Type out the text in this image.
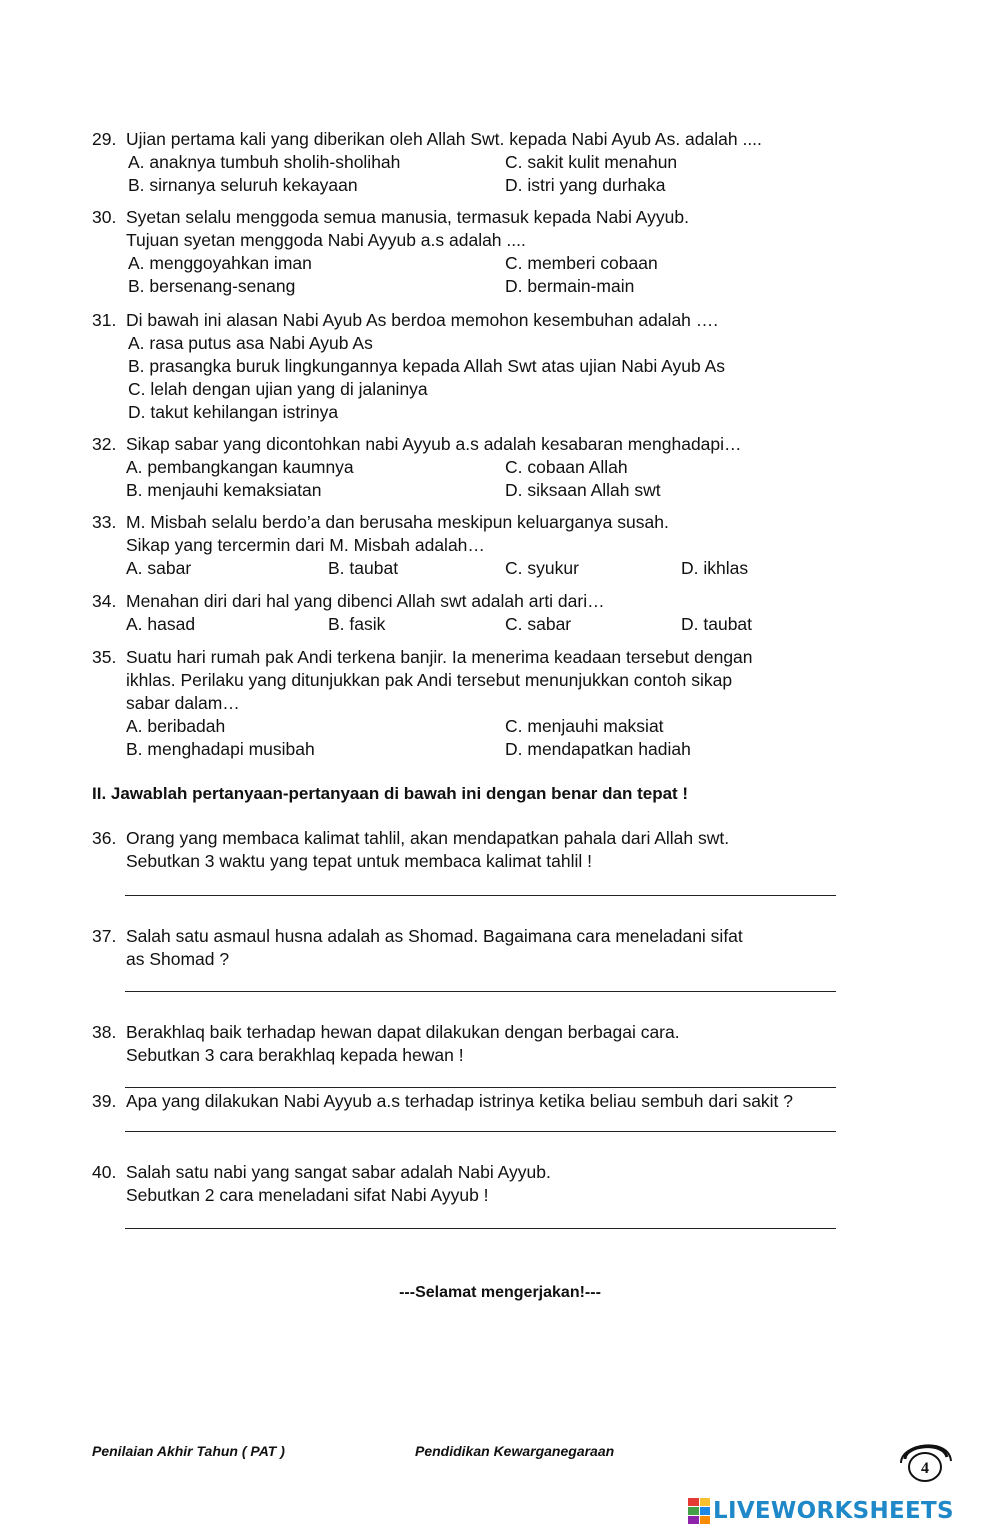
29. Ujian pertama kali yang diberikan oleh Allah Swt. kepada Nabi Ayub As. adalah ....
A. anaknya tumbuh sholih-sholihah	C. sakit kulit menahun
B. sirnanya seluruh kekayaan	D. istri yang durhaka
30. Syetan selalu menggoda semua manusia, termasuk kepada Nabi Ayyub.
Tujuan syetan menggoda Nabi Ayyub a.s adalah ....
A. menggoyahkan iman	C. memberi cobaan
B. bersenang-senang	D. bermain-main
31. Di bawah ini alasan Nabi Ayub As berdoa memohon kesembuhan adalah ….
A. rasa putus asa Nabi Ayub As
B. prasangka buruk lingkungannya kepada Allah Swt atas ujian Nabi Ayub As
C. lelah dengan ujian yang di jalaninya
D. takut kehilangan istrinya
32. Sikap sabar yang dicontohkan nabi Ayyub a.s adalah kesabaran menghadapi…
A. pembangkangan kaumnya	C. cobaan Allah
B. menjauhi kemaksiatan	D. siksaan Allah swt
33. M. Misbah selalu berdo’a dan berusaha meskipun keluarganya susah.
Sikap yang tercermin dari M. Misbah adalah…
A. sabar	B. taubat	C. syukur	D. ikhlas
34. Menahan diri dari hal yang dibenci Allah swt adalah arti dari…
A. hasad	B. fasik	C. sabar	D. taubat
35. Suatu hari rumah pak Andi terkena banjir. Ia menerima keadaan tersebut dengan
ikhlas. Perilaku yang ditunjukkan pak Andi tersebut menunjukkan contoh sikap
sabar dalam…
A. beribadah	C. menjauhi maksiat
B. menghadapi musibah	D. mendapatkan hadiah
II. Jawablah pertanyaan-pertanyaan di bawah ini dengan benar dan tepat !
36. Orang yang membaca kalimat tahlil, akan mendapatkan pahala dari Allah swt.
Sebutkan 3 waktu yang tepat untuk membaca kalimat tahlil !
37. Salah satu asmaul husna adalah as Shomad. Bagaimana cara meneladani sifat
as Shomad ?
38. Berakhlaq baik terhadap hewan dapat dilakukan dengan berbagai cara.
Sebutkan 3 cara berakhlaq kepada hewan !
39. Apa yang dilakukan Nabi Ayyub a.s terhadap istrinya ketika beliau sembuh dari sakit ?
40. Salah satu nabi yang sangat sabar adalah Nabi Ayyub.
Sebutkan 2 cara meneladani sifat Nabi Ayyub !
---Selamat mengerjakan!---
Penilaian Akhir Tahun ( PAT )	Pendidikan Kewarganegaraan
4
LIVEWORKSHEETS
